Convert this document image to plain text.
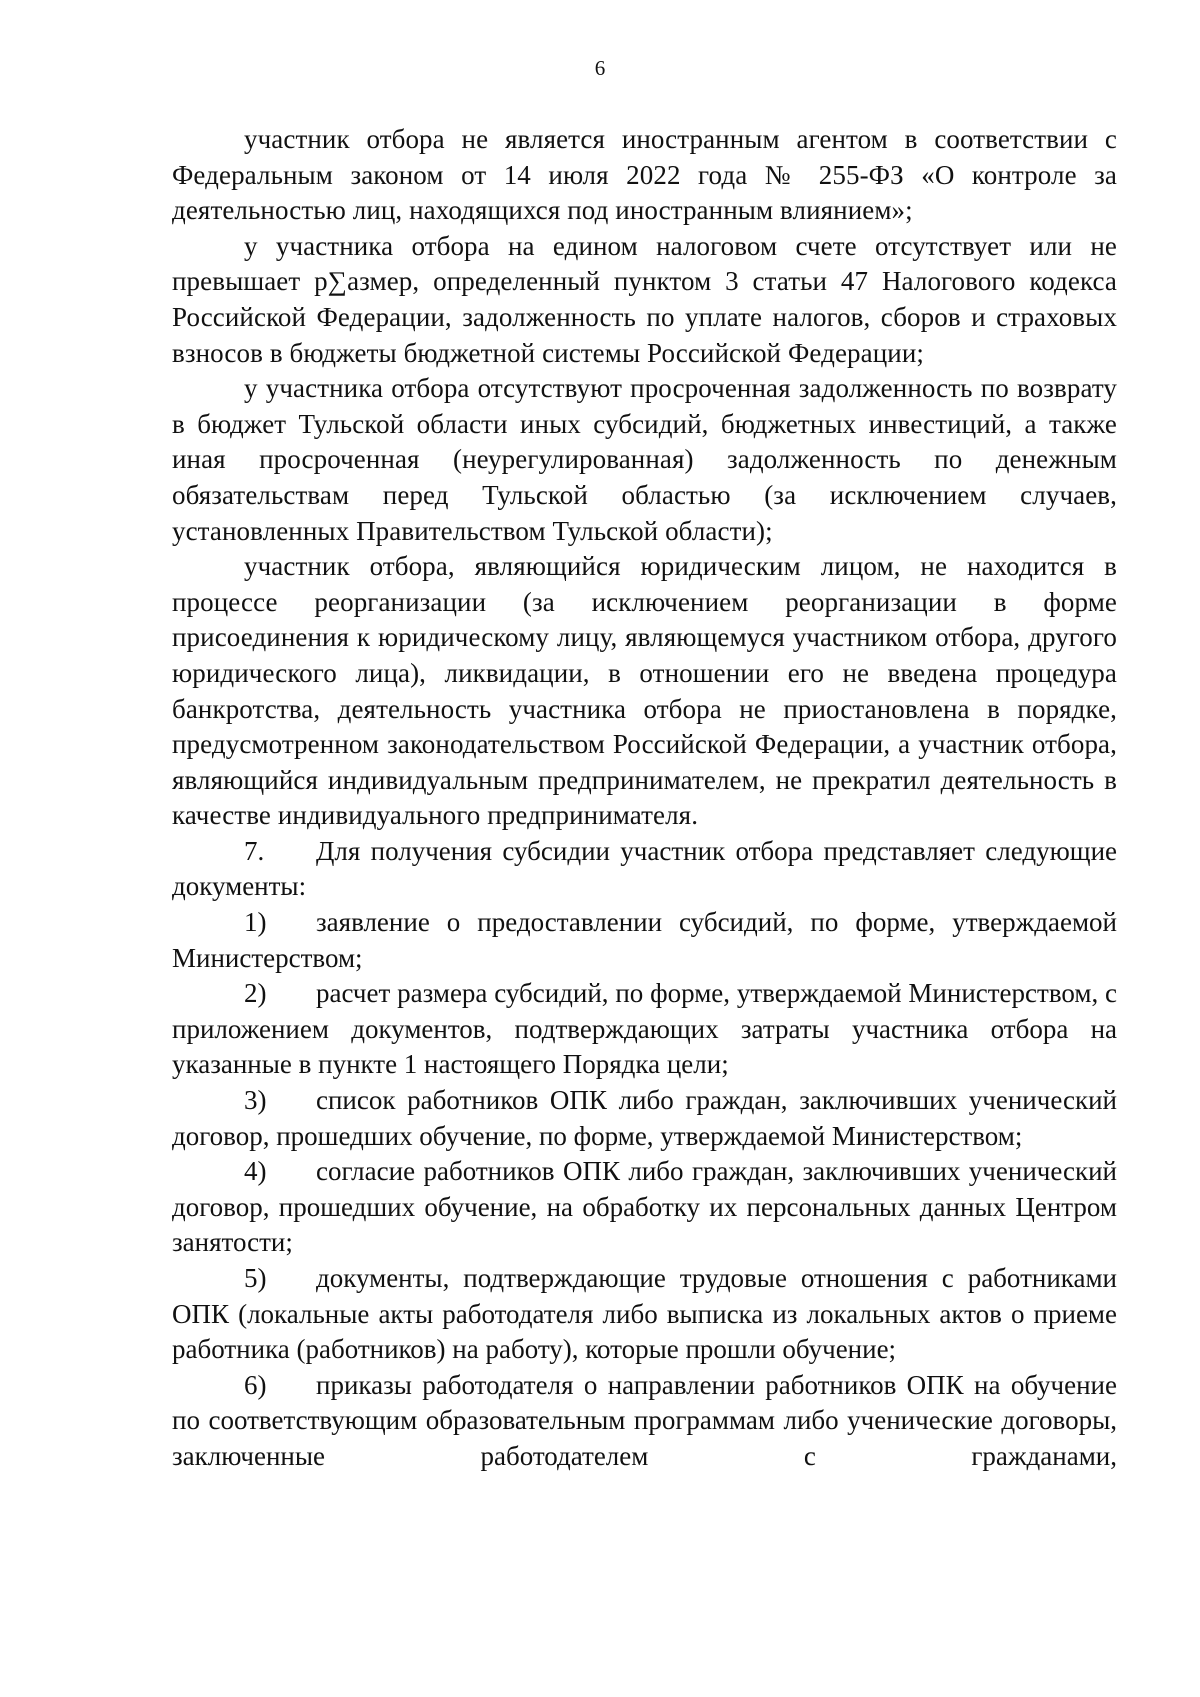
6

участник отбора не является иностранным агентом в соответствии с Федеральным законом от 14 июля 2022 года № 255-ФЗ «О контроле за деятельностью лиц, находящихся под иностранным влиянием»;

у участника отбора на едином налоговом счете отсутствует или не превышает р∑азмер, определенный пунктом 3 статьи 47 Налогового кодекса Российской Федерации, задолженность по уплате налогов, сборов и страховых взносов в бюджеты бюджетной системы Российской Федерации;

у участника отбора отсутствуют просроченная задолженность по возврату в бюджет Тульской области иных субсидий, бюджетных инвестиций, а также иная просроченная (неурегулированная) задолженность по денежным обязательствам перед Тульской областью (за исключением случаев, установленных Правительством Тульской области);

участник отбора, являющийся юридическим лицом, не находится в процессе реорганизации (за исключением реорганизации в форме присоединения к юридическому лицу, являющемуся участником отбора, другого юридического лица), ликвидации, в отношении его не введена процедура банкротства, деятельность участника отбора не приостановлена в порядке, предусмотренном законодательством Российской Федерации, а участник отбора, являющийся индивидуальным предпринимателем, не прекратил деятельность в качестве индивидуального предпринимателя.

7. Для получения субсидии участник отбора представляет следующие документы:

1) заявление о предоставлении субсидий, по форме, утверждаемой Министерством;

2) расчет размера субсидий, по форме, утверждаемой Министерством, с приложением документов, подтверждающих затраты участника отбора на указанные в пункте 1 настоящего Порядка цели;

3) список работников ОПК либо граждан, заключивших ученический договор, прошедших обучение, по форме, утверждаемой Министерством;

4) согласие работников ОПК либо граждан, заключивших ученический договор, прошедших обучение, на обработку их персональных данных Центром занятости;

5) документы, подтверждающие трудовые отношения с работниками ОПК (локальные акты работодателя либо выписка из локальных актов о приеме работника (работников) на работу), которые прошли обучение;

6) приказы работодателя о направлении работников ОПК на обучение по соответствующим образовательным программам либо ученические договоры, заключенные работодателем с гражданами,
